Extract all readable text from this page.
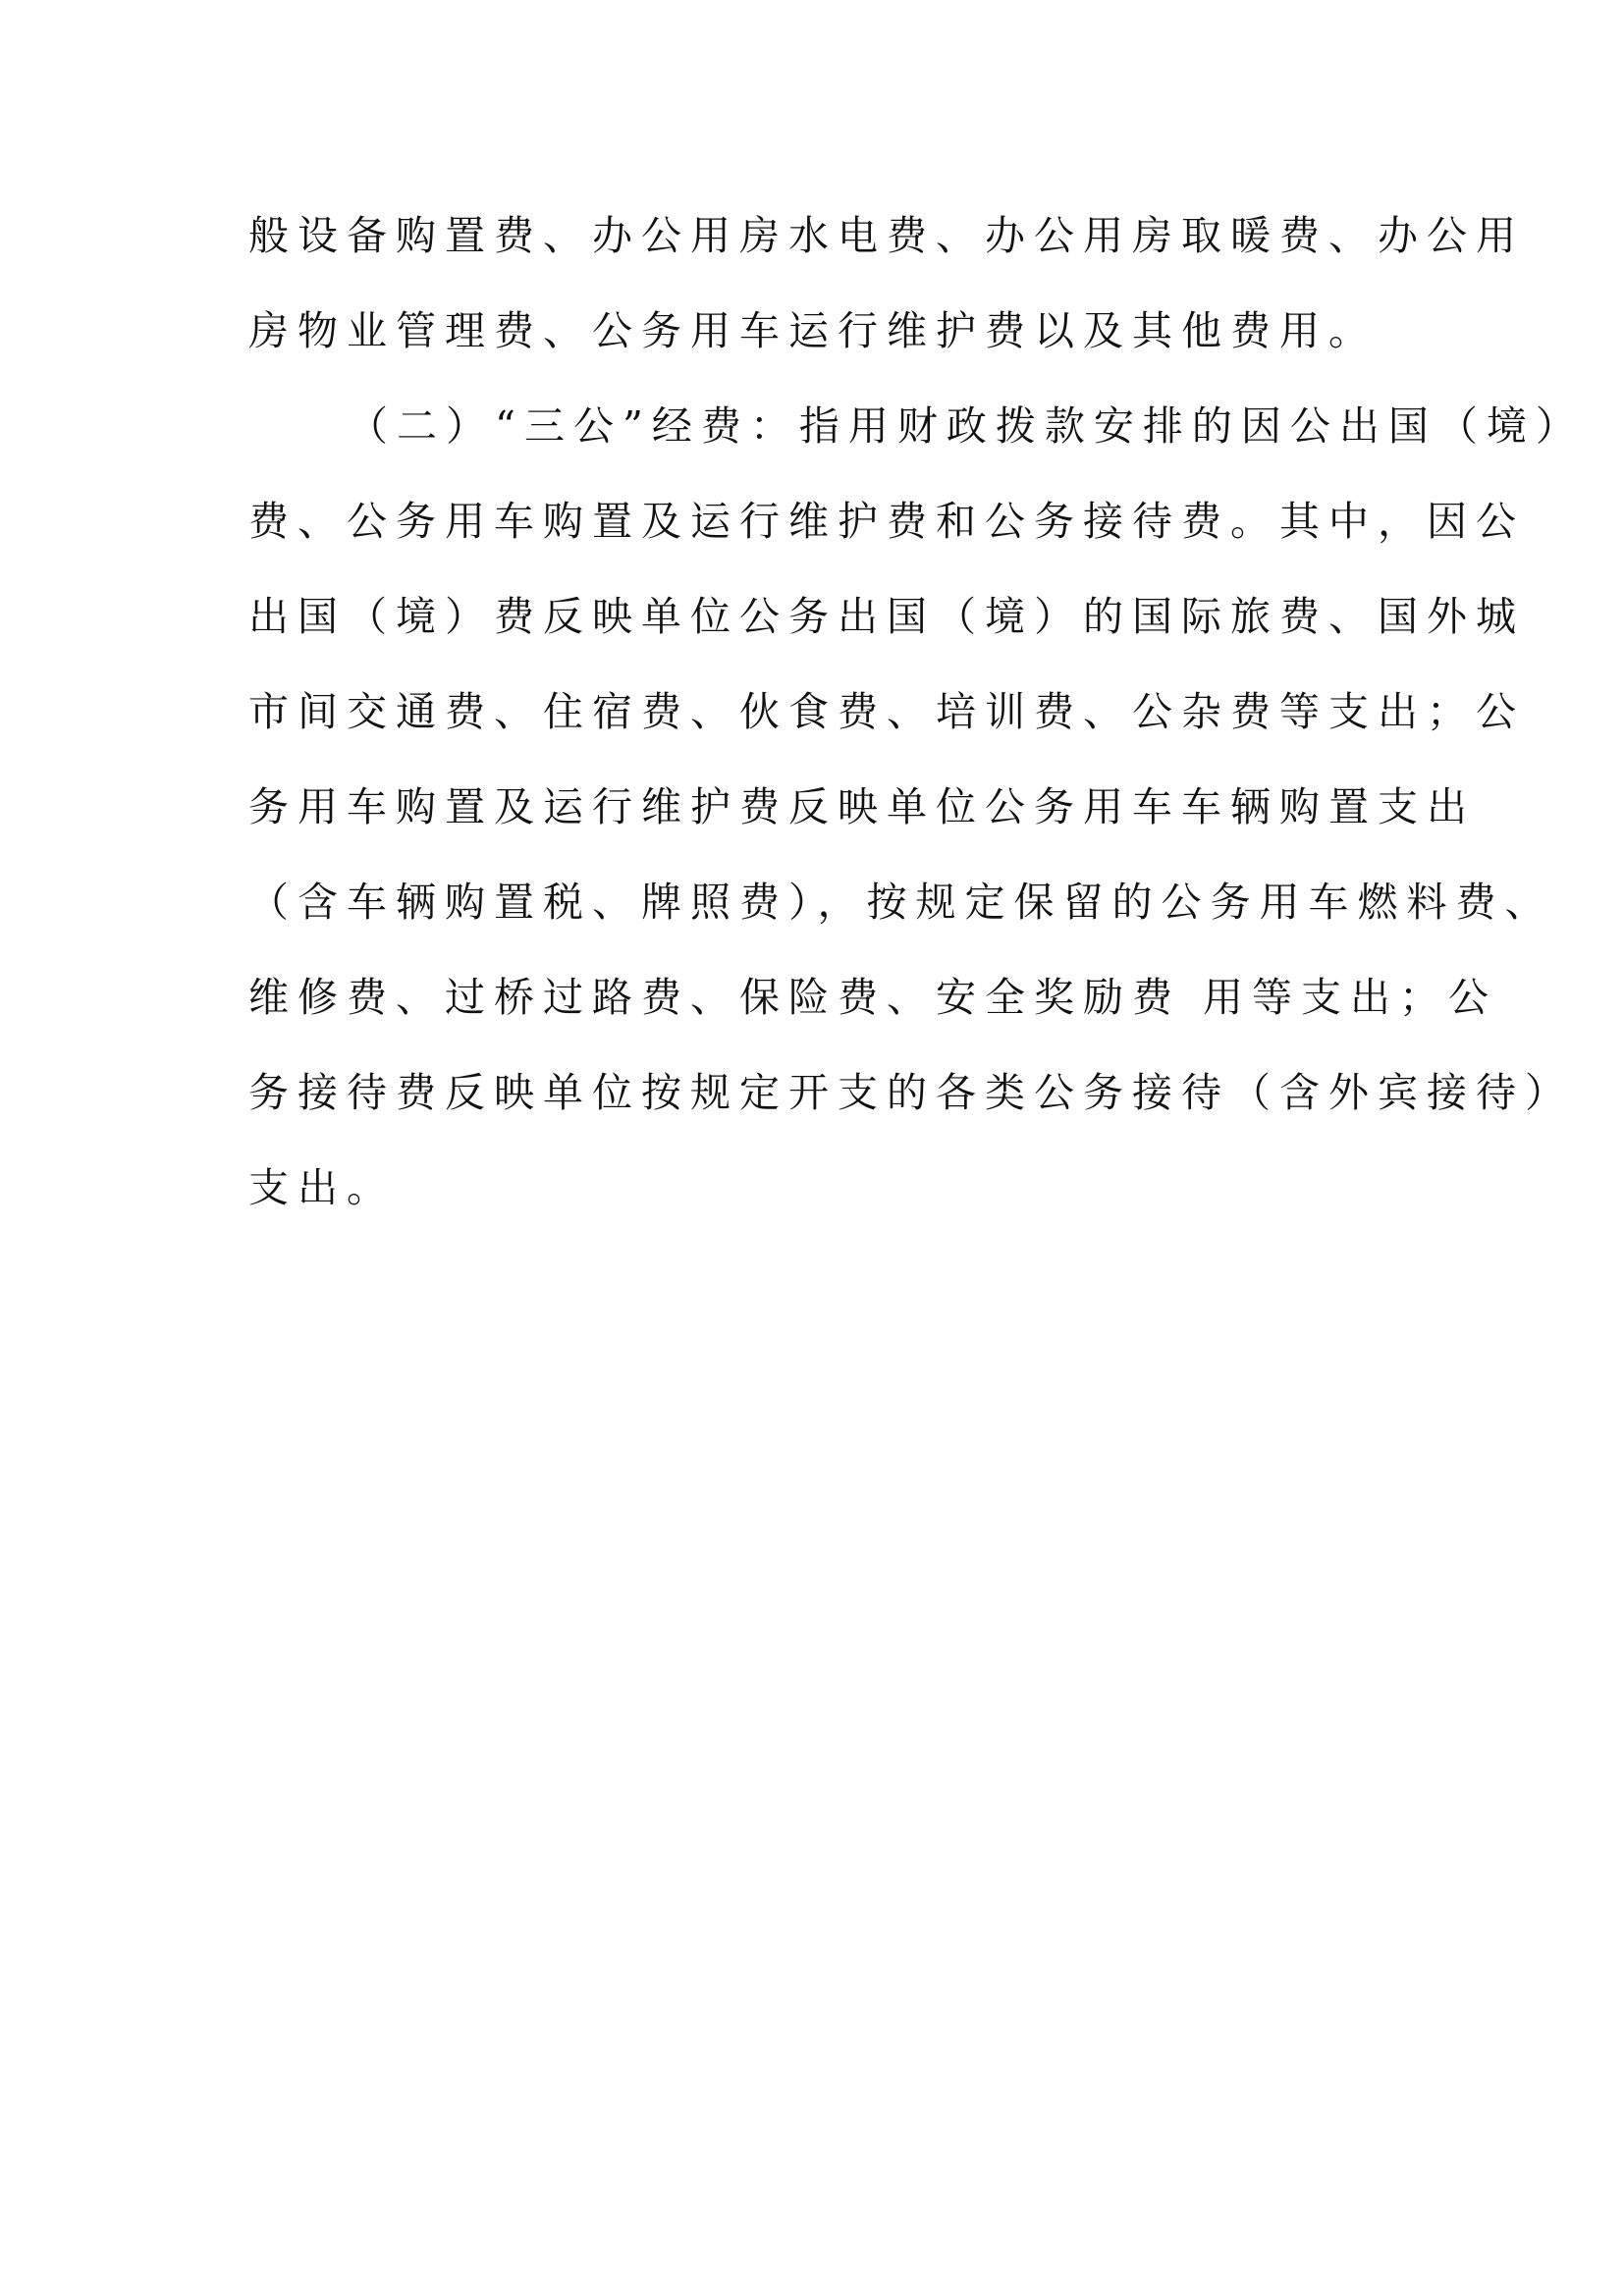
般设备购置费、办公用房水电费、办公用房取暖费、办公用
房物业管理费、公务用车运行维护费以及其他费用。
（二）“三公”经费：指用财政拨款安排的因公出国（境）
费、公务用车购置及运行维护费和公务接待费。其中，因公
出国（境）费反映单位公务出国（境）的国际旅费、国外城
市间交通费、住宿费、伙食费、培训费、公杂费等支出；公
务用车购置及运行维护费反映单位公务用车车辆购置支出
（含车辆购置税、牌照费），按规定保留的公务用车燃料费、
维修费、过桥过路费、保险费、安全奖励费 用等支出；公
务接待费反映单位按规定开支的各类公务接待（含外宾接待）
支出。
